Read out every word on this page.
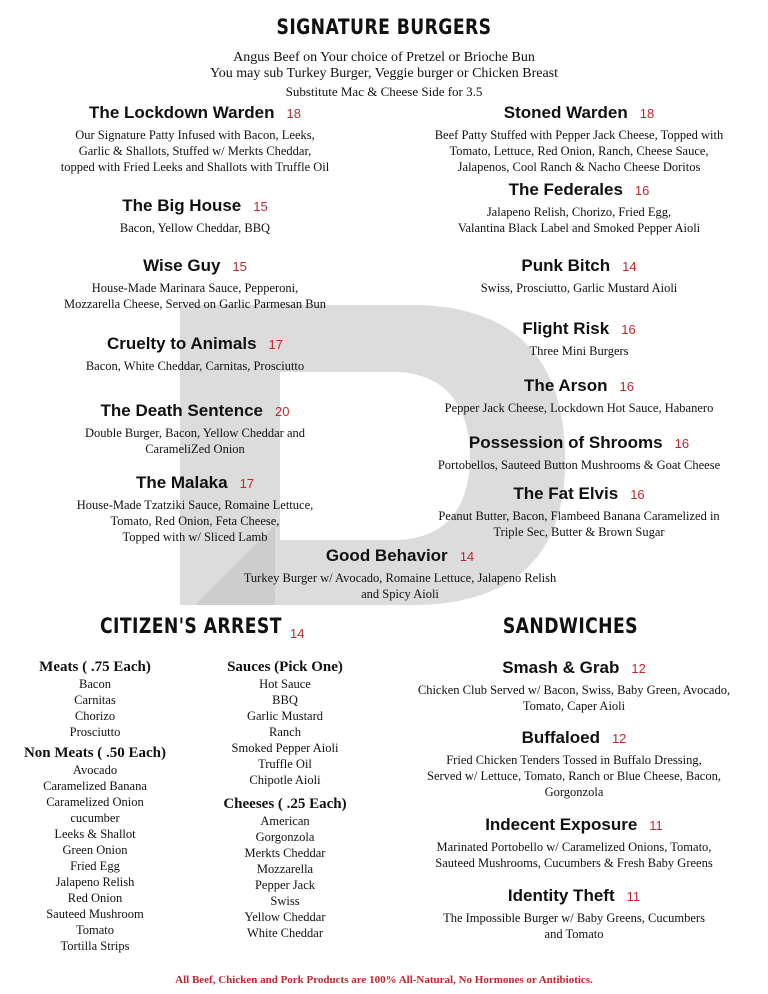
SIGNATURE BURGERS
Angus Beef on Your choice of Pretzel or Brioche Bun
You may sub Turkey Burger, Veggie burger or Chicken Breast
Substitute Mac & Cheese Side for 3.5
The Lockdown Warden 18
Our Signature Patty Infused with Bacon, Leeks,
Garlic & Shallots, Stuffed w/ Merkts Cheddar,
topped with Fried Leeks and Shallots with Truffle Oil
The Big House 15
Bacon, Yellow Cheddar, BBQ
Wise Guy 15
House-Made Marinara Sauce, Pepperoni,
Mozzarella Cheese, Served on Garlic Parmesan Bun
Cruelty to Animals 17
Bacon, White Cheddar, Carnitas, Prosciutto
The Death Sentence 20
Double Burger, Bacon, Yellow Cheddar and
CarameliZed Onion
The Malaka 17
House-Made Tzatziki Sauce, Romaine Lettuce,
Tomato, Red Onion, Feta Cheese,
Topped with w/ Sliced Lamb
Stoned Warden 18
Beef Patty Stuffed with Pepper Jack Cheese, Topped with
Tomato, Lettuce, Red Onion, Ranch, Cheese Sauce,
Jalapenos, Cool Ranch & Nacho Cheese Doritos
The Federales 16
Jalapeno Relish, Chorizo, Fried Egg,
Valantina Black Label and Smoked Pepper Aioli
Punk Bitch 14
Swiss, Prosciutto, Garlic Mustard Aioli
Flight Risk 16
Three Mini Burgers
The Arson 16
Pepper Jack Cheese, Lockdown Hot Sauce, Habanero
Possession of Shrooms 16
Portobellos, Sauteed Button Mushrooms & Goat Cheese
The Fat Elvis 16
Peanut Butter, Bacon, Flambeed Banana Caramelized in
Triple Sec, Butter & Brown Sugar
Good Behavior 14
Turkey Burger w/ Avocado, Romaine Lettuce, Jalapeno Relish
and Spicy Aioli
CITIZEN'S ARREST 14
Meats ( .75 Each)
Bacon
Carnitas
Chorizo
Prosciutto
Non Meats ( .50 Each)
Avocado
Caramelized Banana
Caramelized Onion
cucumber
Leeks & Shallot
Green Onion
Fried Egg
Jalapeno Relish
Red Onion
Sauteed Mushroom
Tomato
Tortilla Strips
Sauces (Pick One)
Hot Sauce
BBQ
Garlic Mustard
Ranch
Smoked Pepper Aioli
Truffle Oil
Chipotle Aioli
Cheeses ( .25 Each)
American
Gorgonzola
Merkts Cheddar
Mozzarella
Pepper Jack
Swiss
Yellow Cheddar
White Cheddar
SANDWICHES
Smash & Grab 12
Chicken Club Served w/ Bacon, Swiss, Baby Green, Avocado,
Tomato, Caper Aioli
Buffaloed 12
Fried Chicken Tenders Tossed in Buffalo Dressing,
Served w/ Lettuce, Tomato, Ranch or Blue Cheese, Bacon,
Gorgonzola
Indecent Exposure 11
Marinated Portobello w/ Caramelized Onions, Tomato,
Sauteed Mushrooms, Cucumbers & Fresh Baby Greens
Identity Theft 11
The Impossible Burger w/ Baby Greens, Cucumbers
and Tomato
All Beef, Chicken and Pork Products are 100% All-Natural, No Hormones or Antibiotics.
